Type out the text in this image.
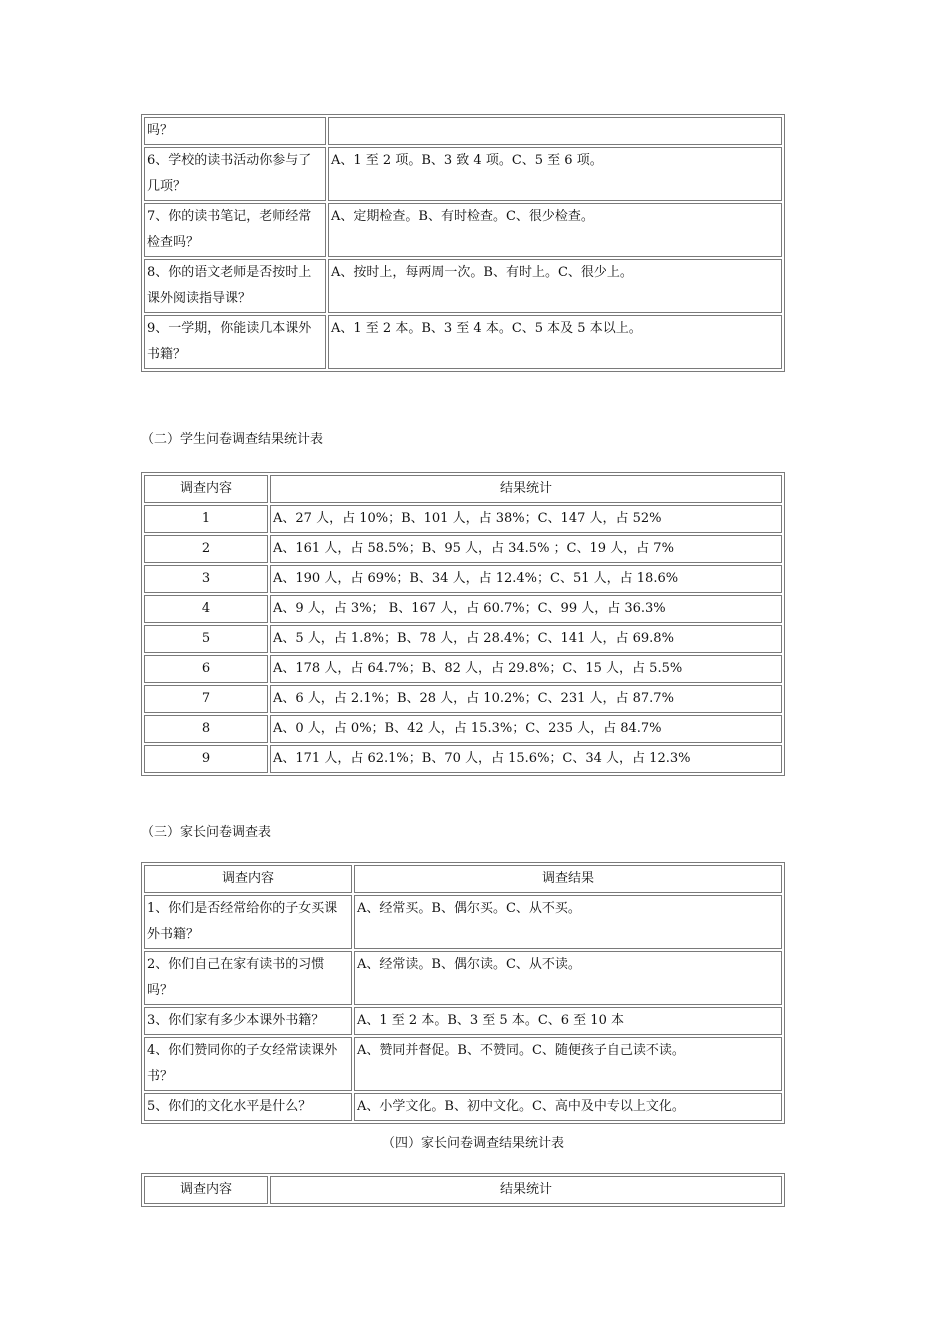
吗？	
6、学校的读书活动你参与了几项？	A、1 至 2 项。B、3 致 4 项。C、5 至 6 项。
7、你的读书笔记，老师经常检查吗？	A、定期检查。B、有时检查。C、很少检查。
8、你的语文老师是否按时上课外阅读指导课？	A、按时上，每两周一次。B、有时上。C、很少上。
9、一学期，你能读几本课外书籍？	A、1 至 2 本。B、3 至 4 本。C、5 本及 5 本以上。
（二）学生问卷调查结果统计表
调查内容	结果统计
1	A、27 人，占 10%；B、101 人，占 38%；C、147 人，占 52%
2	A、161 人，占 58.5%；B、95 人，占 34.5% ；C、19 人，占 7%
3	A、190 人，占 69%；B、34 人，占 12.4%；C、51 人，占 18.6%
4	A、9 人，占 3%； B、167 人，占 60.7%；C、99 人，占 36.3%
5	A、5 人，占 1.8%；B、78 人，占 28.4%；C、141 人，占 69.8%
6	A、178 人，占 64.7%；B、82 人，占 29.8%；C、15 人，占 5.5%
7	A、6 人，占 2.1%；B、28 人，占 10.2%；C、231 人，占 87.7%
8	A、0 人，占 0%；B、42 人，占 15.3%；C、235 人，占 84.7%
9	A、171 人，占 62.1%；B、70 人，占 15.6%；C、34 人，占 12.3%
（三）家长问卷调查表
调查内容	调查结果
1、你们是否经常给你的子女买课外书籍？	A、经常买。B、偶尔买。C、从不买。
2、你们自己在家有读书的习惯吗？	A、经常读。B、偶尔读。C、从不读。
3、你们家有多少本课外书籍？	A、1 至 2 本。B、3 至 5 本。C、6 至 10 本
4、你们赞同你的子女经常读课外书？	A、赞同并督促。B、不赞同。C、随便孩子自己读不读。
5、你们的文化水平是什么？	A、小学文化。B、初中文化。C、高中及中专以上文化。
（四）家长问卷调查结果统计表
调查内容	结果统计
